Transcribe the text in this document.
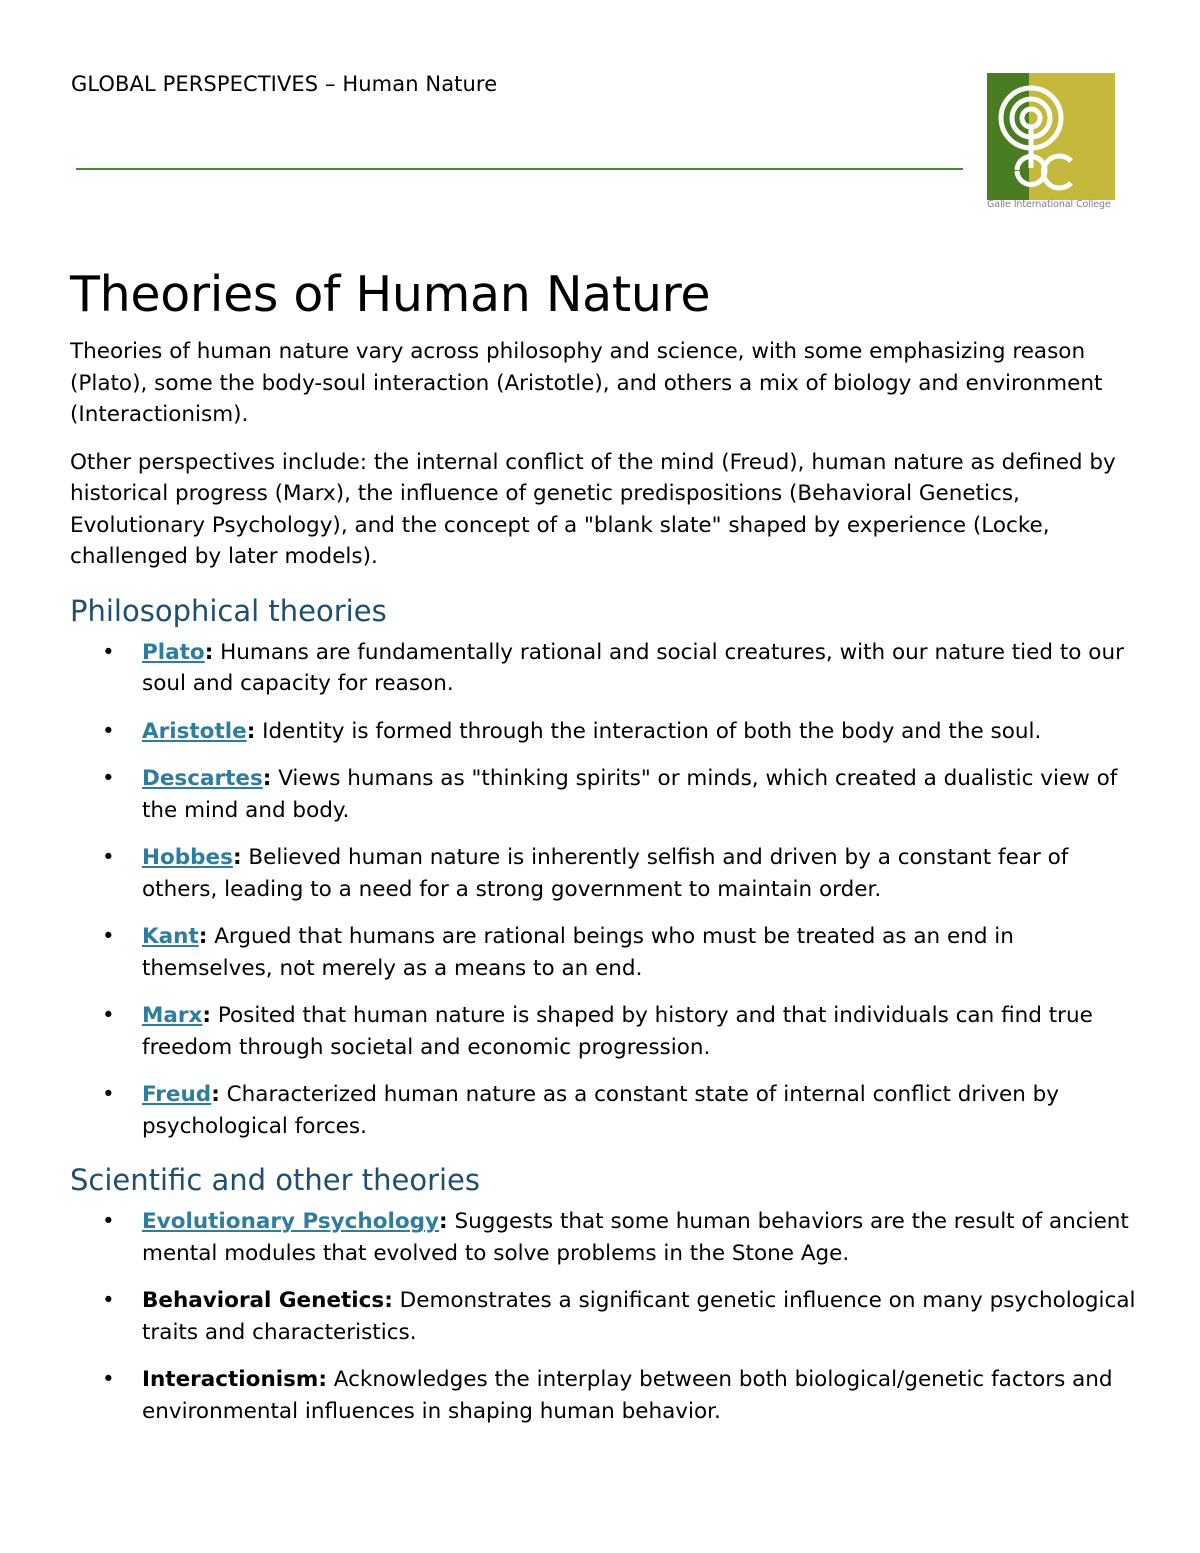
GLOBAL PERSPECTIVES – Human Nature
Galle International College
Theories of Human Nature

Theories of human nature vary across philosophy and science, with some emphasizing reason (Plato), some the body-soul interaction (Aristotle), and others a mix of biology and environment (Interactionism).

Other perspectives include: the internal conflict of the mind (Freud), human nature as defined by historical progress (Marx), the influence of genetic predispositions (Behavioral Genetics, Evolutionary Psychology), and the concept of a "blank slate" shaped by experience (Locke, challenged by later models).

Philosophical theories
• Plato: Humans are fundamentally rational and social creatures, with our nature tied to our soul and capacity for reason.
• Aristotle: Identity is formed through the interaction of both the body and the soul.
• Descartes: Views humans as "thinking spirits" or minds, which created a dualistic view of the mind and body.
• Hobbes: Believed human nature is inherently selfish and driven by a constant fear of others, leading to a need for a strong government to maintain order.
• Kant: Argued that humans are rational beings who must be treated as an end in themselves, not merely as a means to an end.
• Marx: Posited that human nature is shaped by history and that individuals can find true freedom through societal and economic progression.
• Freud: Characterized human nature as a constant state of internal conflict driven by psychological forces.
Scientific and other theories
• Evolutionary Psychology: Suggests that some human behaviors are the result of ancient mental modules that evolved to solve problems in the Stone Age.
• Behavioral Genetics: Demonstrates a significant genetic influence on many psychological traits and characteristics.
• Interactionism: Acknowledges the interplay between both biological/genetic factors and environmental influences in shaping human behavior.
